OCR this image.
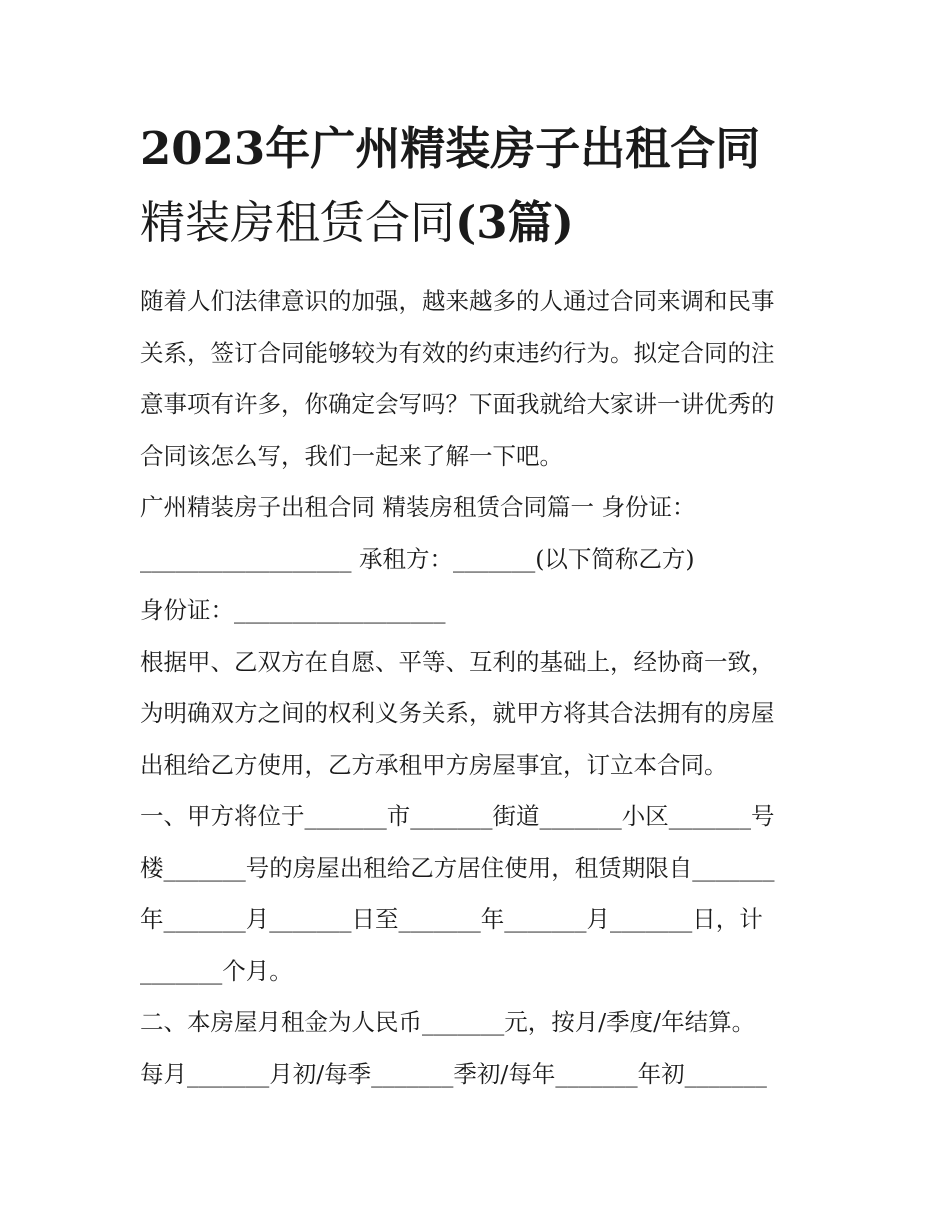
2023年广州精装房子出租合同
精装房租赁合同(3篇)

随着人们法律意识的加强，越来越多的人通过合同来调和民事
关系，签订合同能够较为有效的约束违约行为。拟定合同的注
意事项有许多，你确定会写吗？下面我就给大家讲一讲优秀的
合同该怎么写，我们一起来了解一下吧。

广州精装房子出租合同 精装房租赁合同篇一 身份证：
__________________ 承租方：_______(以下简称乙方)
身份证：__________________

根据甲、乙双方在自愿、平等、互利的基础上，经协商一致，
为明确双方之间的权利义务关系，就甲方将其合法拥有的房屋
出租给乙方使用，乙方承租甲方房屋事宜，订立本合同。

一、甲方将位于_______市_______街道_______小区_______号
楼_______号的房屋出租给乙方居住使用，租赁期限自_______
年_______月_______日至_______年_______月_______日，计
_______个月。

二、本房屋月租金为人民币_______元，按月/季度/年结算。
每月_______月初/每季_______季初/每年_______年初_______
